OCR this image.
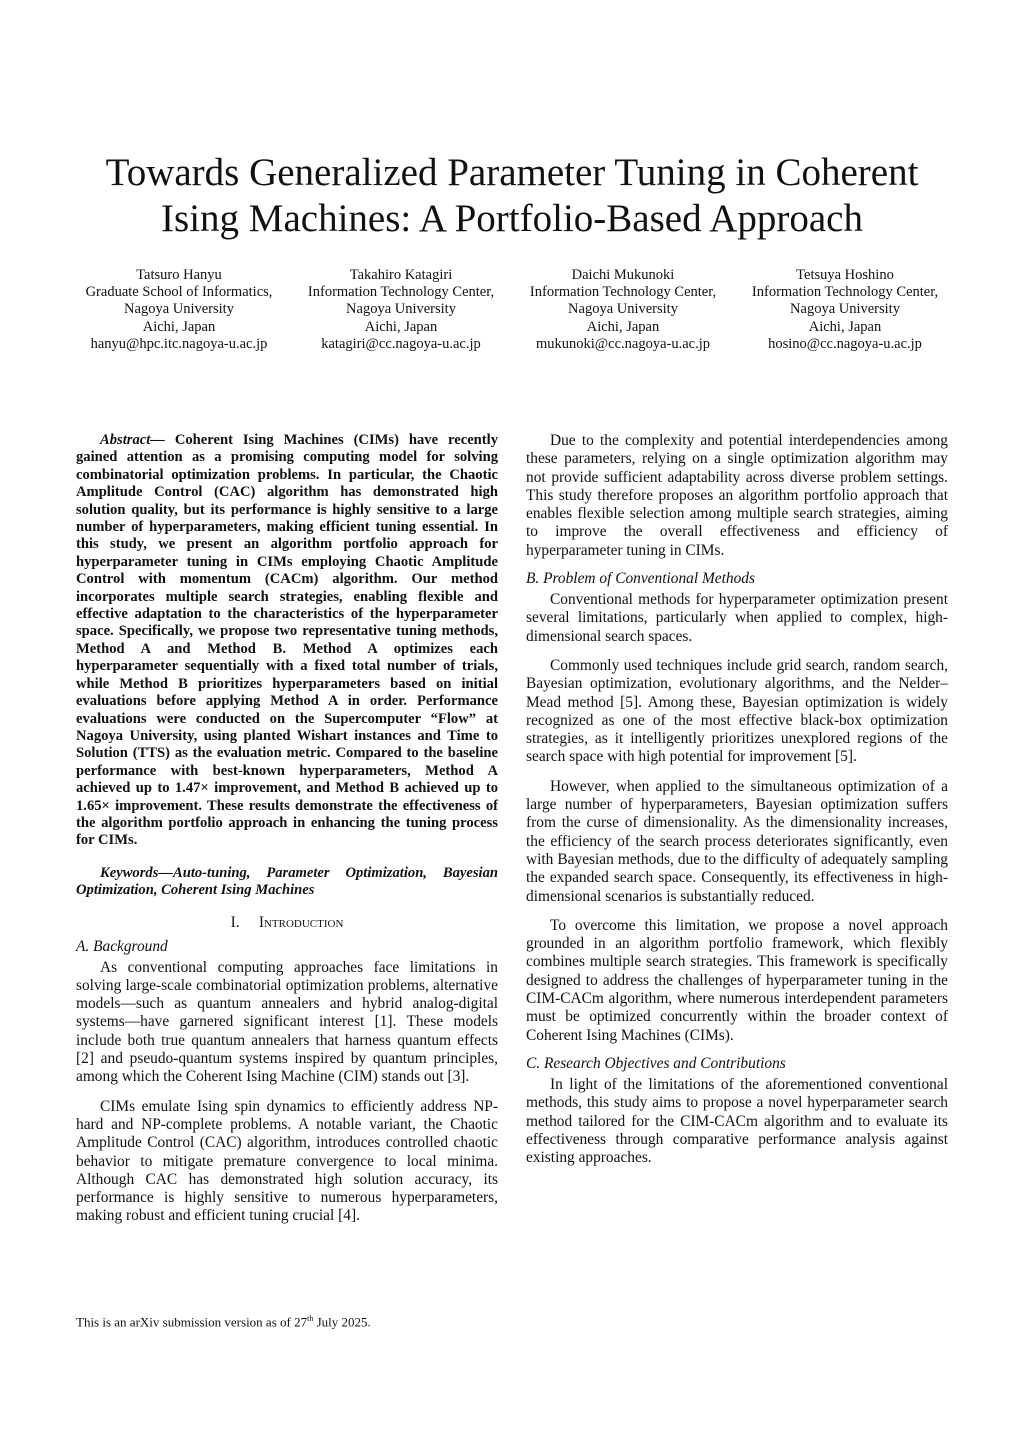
Towards Generalized Parameter Tuning in Coherent
Ising Machines: A Portfolio-Based Approach
Tatsuro Hanyu
Graduate School of Informatics,
Nagoya University
Aichi, Japan
hanyu@hpc.itc.nagoya-u.ac.jp
Takahiro Katagiri
Information Technology Center,
Nagoya University
Aichi, Japan
katagiri@cc.nagoya-u.ac.jp
Daichi Mukunoki
Information Technology Center,
Nagoya University
Aichi, Japan
mukunoki@cc.nagoya-u.ac.jp
Tetsuya Hoshino
Information Technology Center,
Nagoya University
Aichi, Japan
hosino@cc.nagoya-u.ac.jp

Abstract— Coherent Ising Machines (CIMs) have recently gained attention as a promising computing model for solving combinatorial optimization problems. In particular, the Chaotic Amplitude Control (CAC) algorithm has demonstrated high solution quality, but its performance is highly sensitive to a large number of hyperparameters, making efficient tuning essential. In this study, we present an algorithm portfolio approach for hyperparameter tuning in CIMs employing Chaotic Amplitude Control with momentum (CACm) algorithm. Our method incorporates multiple search strategies, enabling flexible and effective adaptation to the characteristics of the hyperparameter space. Specifically, we propose two representative tuning methods, Method A and Method B. Method A optimizes each hyperparameter sequentially with a fixed total number of trials, while Method B prioritizes hyperparameters based on initial evaluations before applying Method A in order. Performance evaluations were conducted on the Supercomputer “Flow” at Nagoya University, using planted Wishart instances and Time to Solution (TTS) as the evaluation metric. Compared to the baseline performance with best-known hyperparameters, Method A achieved up to 1.47× improvement, and Method B achieved up to 1.65× improvement. These results demonstrate the effectiveness of the algorithm portfolio approach in enhancing the tuning process for CIMs.

Keywords—Auto-tuning, Parameter Optimization, Bayesian Optimization, Coherent Ising Machines

I. Introduction
A. Background

As conventional computing approaches face limitations in solving large-scale combinatorial optimization problems, alternative models—such as quantum annealers and hybrid analog-digital systems—have garnered significant interest [1]. These models include both true quantum annealers that harness quantum effects [2] and pseudo-quantum systems inspired by quantum principles, among which the Coherent Ising Machine (CIM) stands out [3].

CIMs emulate Ising spin dynamics to efficiently address NP-hard and NP-complete problems. A notable variant, the Chaotic Amplitude Control (CAC) algorithm, introduces controlled chaotic behavior to mitigate premature convergence to local minima. Although CAC has demonstrated high solution accuracy, its performance is highly sensitive to numerous hyperparameters, making robust and efficient tuning crucial [4].

Due to the complexity and potential interdependencies among these parameters, relying on a single optimization algorithm may not provide sufficient adaptability across diverse problem settings. This study therefore proposes an algorithm portfolio approach that enables flexible selection among multiple search strategies, aiming to improve the overall effectiveness and efficiency of hyperparameter tuning in CIMs.

B. Problem of Conventional Methods

Conventional methods for hyperparameter optimization present several limitations, particularly when applied to complex, high-dimensional search spaces.

Commonly used techniques include grid search, random search, Bayesian optimization, evolutionary algorithms, and the Nelder–Mead method [5]. Among these, Bayesian optimization is widely recognized as one of the most effective black-box optimization strategies, as it intelligently prioritizes unexplored regions of the search space with high potential for improvement [5].

However, when applied to the simultaneous optimization of a large number of hyperparameters, Bayesian optimization suffers from the curse of dimensionality. As the dimensionality increases, the efficiency of the search process deteriorates significantly, even with Bayesian methods, due to the difficulty of adequately sampling the expanded search space. Consequently, its effectiveness in high-dimensional scenarios is substantially reduced.

To overcome this limitation, we propose a novel approach grounded in an algorithm portfolio framework, which flexibly combines multiple search strategies. This framework is specifically designed to address the challenges of hyperparameter tuning in the CIM-CACm algorithm, where numerous interdependent parameters must be optimized concurrently within the broader context of Coherent Ising Machines (CIMs).

C. Research Objectives and Contributions

In light of the limitations of the aforementioned conventional methods, this study aims to propose a novel hyperparameter search method tailored for the CIM-CACm algorithm and to evaluate its effectiveness through comparative performance analysis against existing approaches.

This is an arXiv submission version as of 27th July 2025.
